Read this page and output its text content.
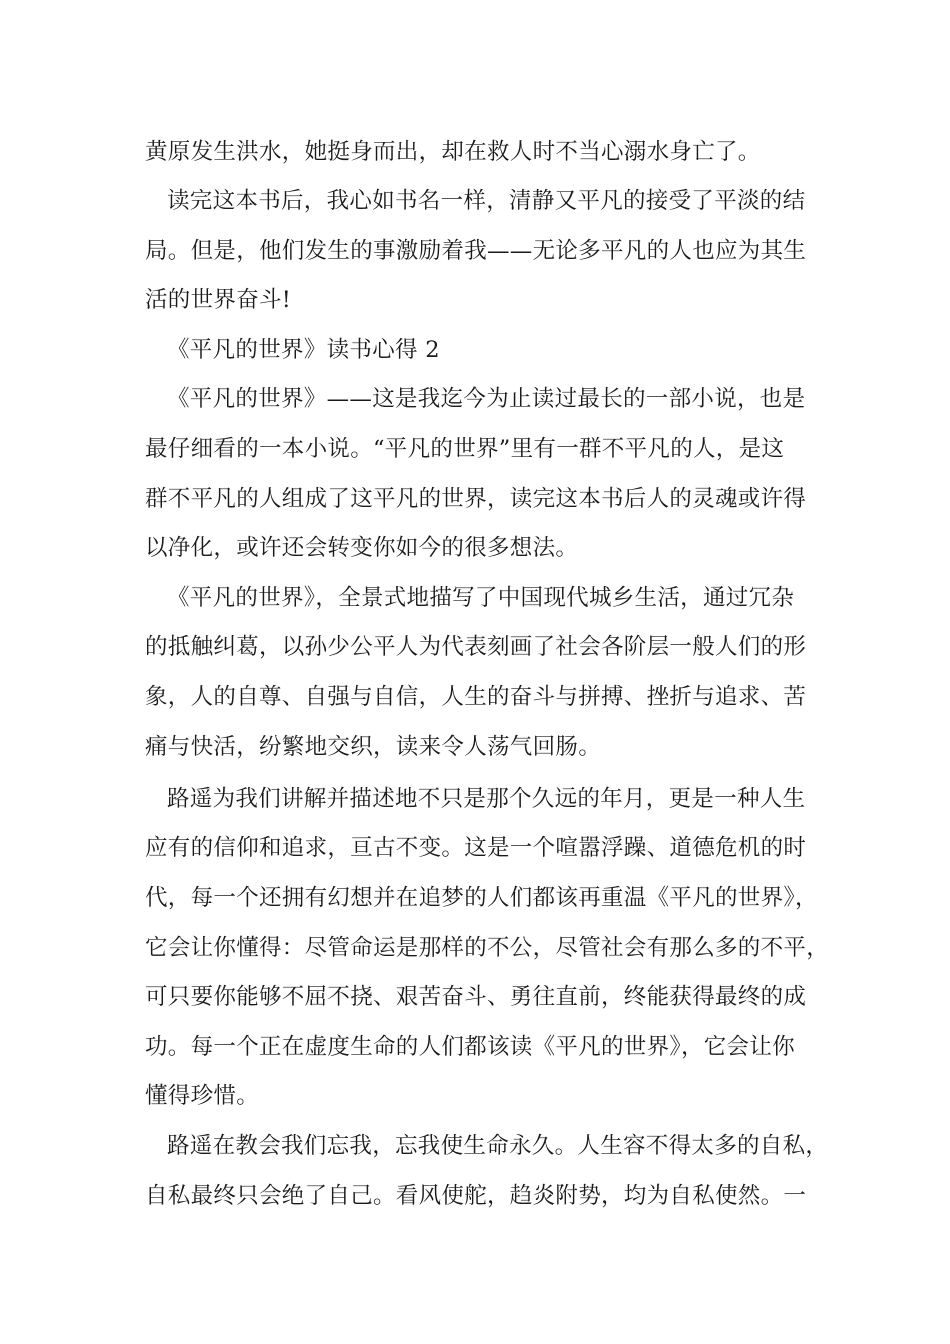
黄原发生洪水，她挺身而出，却在救人时不当心溺水身亡了。

读完这本书后，我心如书名一样，清静又平凡的接受了平淡的结

局。但是，他们发生的事激励着我——无论多平凡的人也应为其生

活的世界奋斗!

《平凡的世界》读书心得 2

《平凡的世界》——这是我迄今为止读过最长的一部小说，也是

最仔细看的一本小说。“平凡的世界”里有一群不平凡的人，是这

群不平凡的人组成了这平凡的世界，读完这本书后人的灵魂或许得

以净化，或许还会转变你如今的很多想法。

《平凡的世界》，全景式地描写了中国现代城乡生活，通过冗杂

的抵触纠葛，以孙少公平人为代表刻画了社会各阶层一般人们的形

象，人的自尊、自强与自信，人生的奋斗与拼搏、挫折与追求、苦

痛与快活，纷繁地交织，读来令人荡气回肠。

路遥为我们讲解并描述地不只是那个久远的年月，更是一种人生

应有的信仰和追求，亘古不变。这是一个喧嚣浮躁、道德危机的时

代，每一个还拥有幻想并在追梦的人们都该再重温《平凡的世界》，

它会让你懂得：尽管命运是那样的不公，尽管社会有那么多的不平，

可只要你能够不屈不挠、艰苦奋斗、勇往直前，终能获得最终的成

功。每一个正在虚度生命的人们都该读《平凡的世界》，它会让你

懂得珍惜。

路遥在教会我们忘我，忘我使生命永久。人生容不得太多的自私，

自私最终只会绝了自己。看风使舵，趋炎附势，均为自私使然。一
